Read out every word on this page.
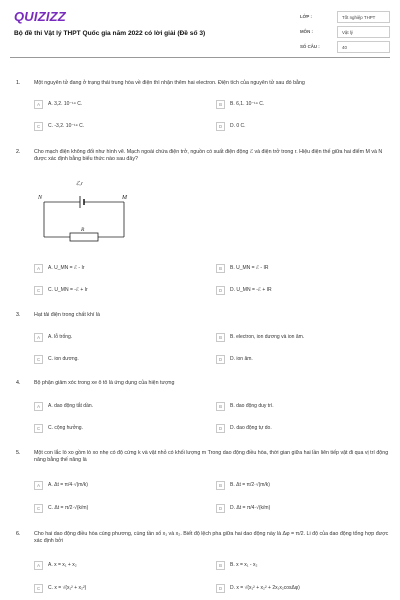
QUIZIZZ
Bộ đề thi Vật lý THPT Quốc gia năm 2022 có lời giải (Đề số 3)
LỚP :	Tốt nghiệp THPT
MÔN :	Vật lý
SỐ CÂU :	40
1.	Một nguyên tử đang ở trạng thái trung hòa về điện thì nhận thêm hai electron. Điện tích của nguyên tử sau đó bằng
A	A. 3,2. 10⁻¹⁹ C.	B	B. 6,1. 10⁻¹⁹ C.
C	C. -3,2. 10⁻¹⁹ C.	D	D. 0 C.
2.	Cho mạch điện không đổi như hình vẽ. Mạch ngoài chứa điện trở, nguồn có suất điện động ℰ và điện trở trong r. Hiệu điện thế giữa hai điểm M và N được xác định bằng biểu thức nào sau đây?
ℰ,r
N	M
R
A	A. U_MN = ℰ - Ir	B	B. U_MN = ℰ - IR
C	C. U_MN = -ℰ + Ir	D	D. U_MN = -ℰ + IR
3.	Hạt tải điện trong chất khí là
A	A. lỗ trống.	B	B. electron, ion dương và ion âm.
C	C. ion dương.	D	D. ion âm.
4.	Bộ phận giảm xóc trong xe ô tô là ứng dụng của hiện tượng
A	A. dao động tắt dần.	B	B. dao động duy trì.
C	C. cộng hưởng.	D	D. dao động tự do.
5.	Một con lắc lò xo gồm lò xo nhẹ có độ cứng k và vật nhỏ có khối lượng m Trong dao động điều hòa, thời gian giữa hai lần liên tiếp vật đi qua vị trí động năng bằng thế năng là
A	A. Δt = π/4·√(m/k)	B	B. Δt = π/2·√(m/k)
C	C. Δt = π/2·√(k/m)	D	D. Δt = π/4·√(k/m)
6.	Cho hai dao động điều hòa cùng phương, cùng tần số x₁ và x₂. Biết độ lệch pha giữa hai dao động này là Δφ = π/2. Li độ của dao động tổng hợp được xác định bởi
A	A. x = x₁ + x₂	B	B. x = x₁ - x₂
C	C. x = √(x₁² + x₂²)	D	D. x = √(x₁² + x₂² + 2x₁x₂cosΔφ)
